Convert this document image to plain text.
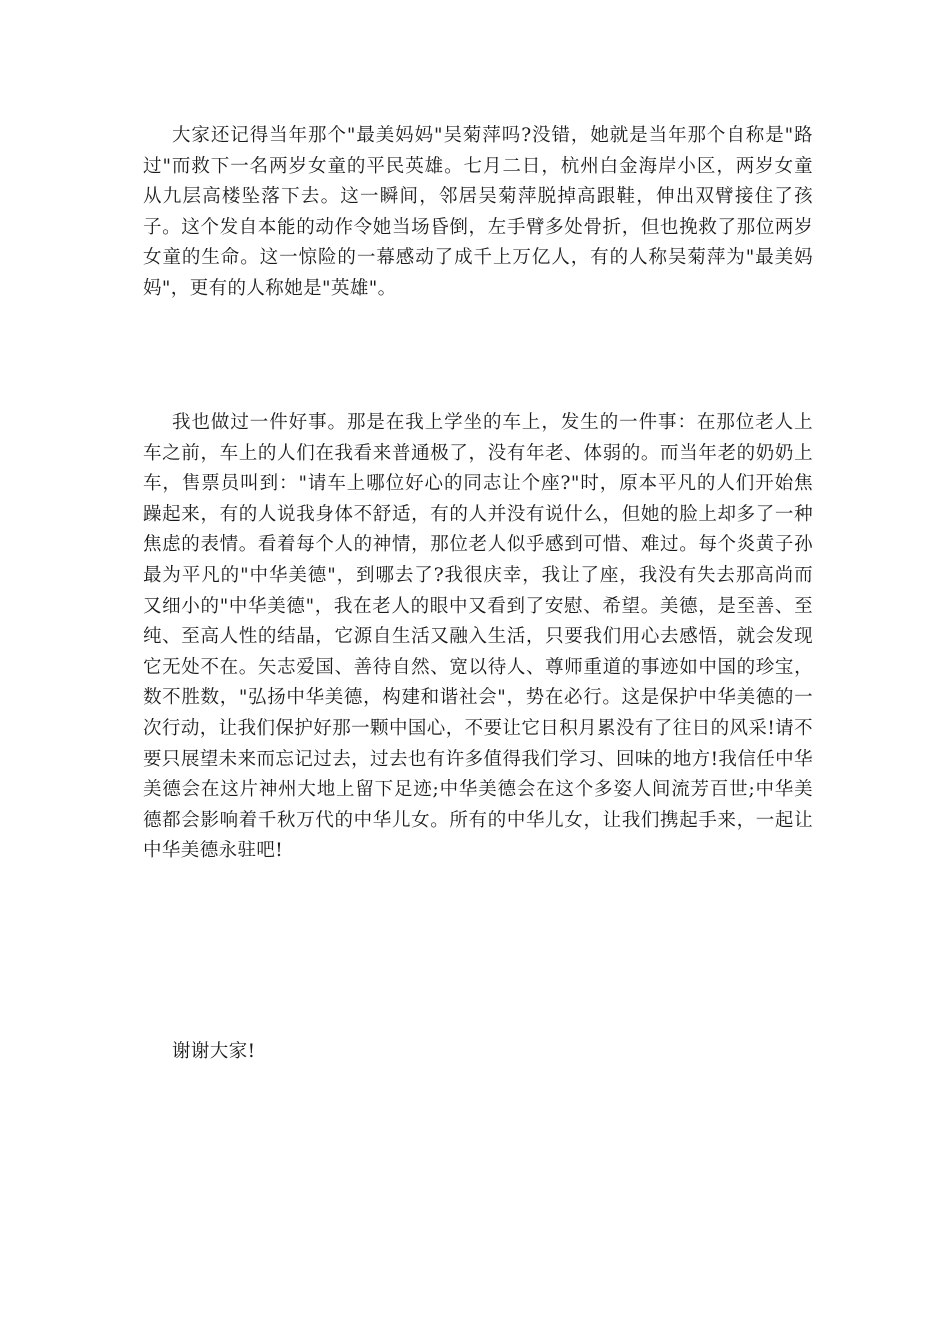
大家还记得当年那个"最美妈妈"吴菊萍吗?没错，她就是当年那个自称是"路过"而救下一名两岁女童的平民英雄。七月二日，杭州白金海岸小区，两岁女童从九层高楼坠落下去。这一瞬间，邻居吴菊萍脱掉高跟鞋，伸出双臂接住了孩子。这个发自本能的动作令她当场昏倒，左手臂多处骨折，但也挽救了那位两岁女童的生命。这一惊险的一幕感动了成千上万亿人，有的人称吴菊萍为"最美妈妈"，更有的人称她是"英雄"。

我也做过一件好事。那是在我上学坐的车上，发生的一件事：在那位老人上车之前，车上的人们在我看来普通极了，没有年老、体弱的。而当年老的奶奶上车，售票员叫到："请车上哪位好心的同志让个座?"时，原本平凡的人们开始焦躁起来，有的人说我身体不舒适，有的人并没有说什么，但她的脸上却多了一种焦虑的表情。看着每个人的神情，那位老人似乎感到可惜、难过。每个炎黄子孙最为平凡的"中华美德"，到哪去了?我很庆幸，我让了座，我没有失去那高尚而又细小的"中华美德"，我在老人的眼中又看到了安慰、希望。美德，是至善、至纯、至高人性的结晶，它源自生活又融入生活，只要我们用心去感悟，就会发现它无处不在。矢志爱国、善待自然、宽以待人、尊师重道的事迹如中国的珍宝，数不胜数，"弘扬中华美德，构建和谐社会"，势在必行。这是保护中华美德的一次行动，让我们保护好那一颗中国心，不要让它日积月累没有了往日的风采!请不要只展望未来而忘记过去，过去也有许多值得我们学习、回味的地方!我信任中华美德会在这片神州大地上留下足迹;中华美德会在这个多姿人间流芳百世;中华美德都会影响着千秋万代的中华儿女。所有的中华儿女，让我们携起手来，一起让中华美德永驻吧!

谢谢大家!
